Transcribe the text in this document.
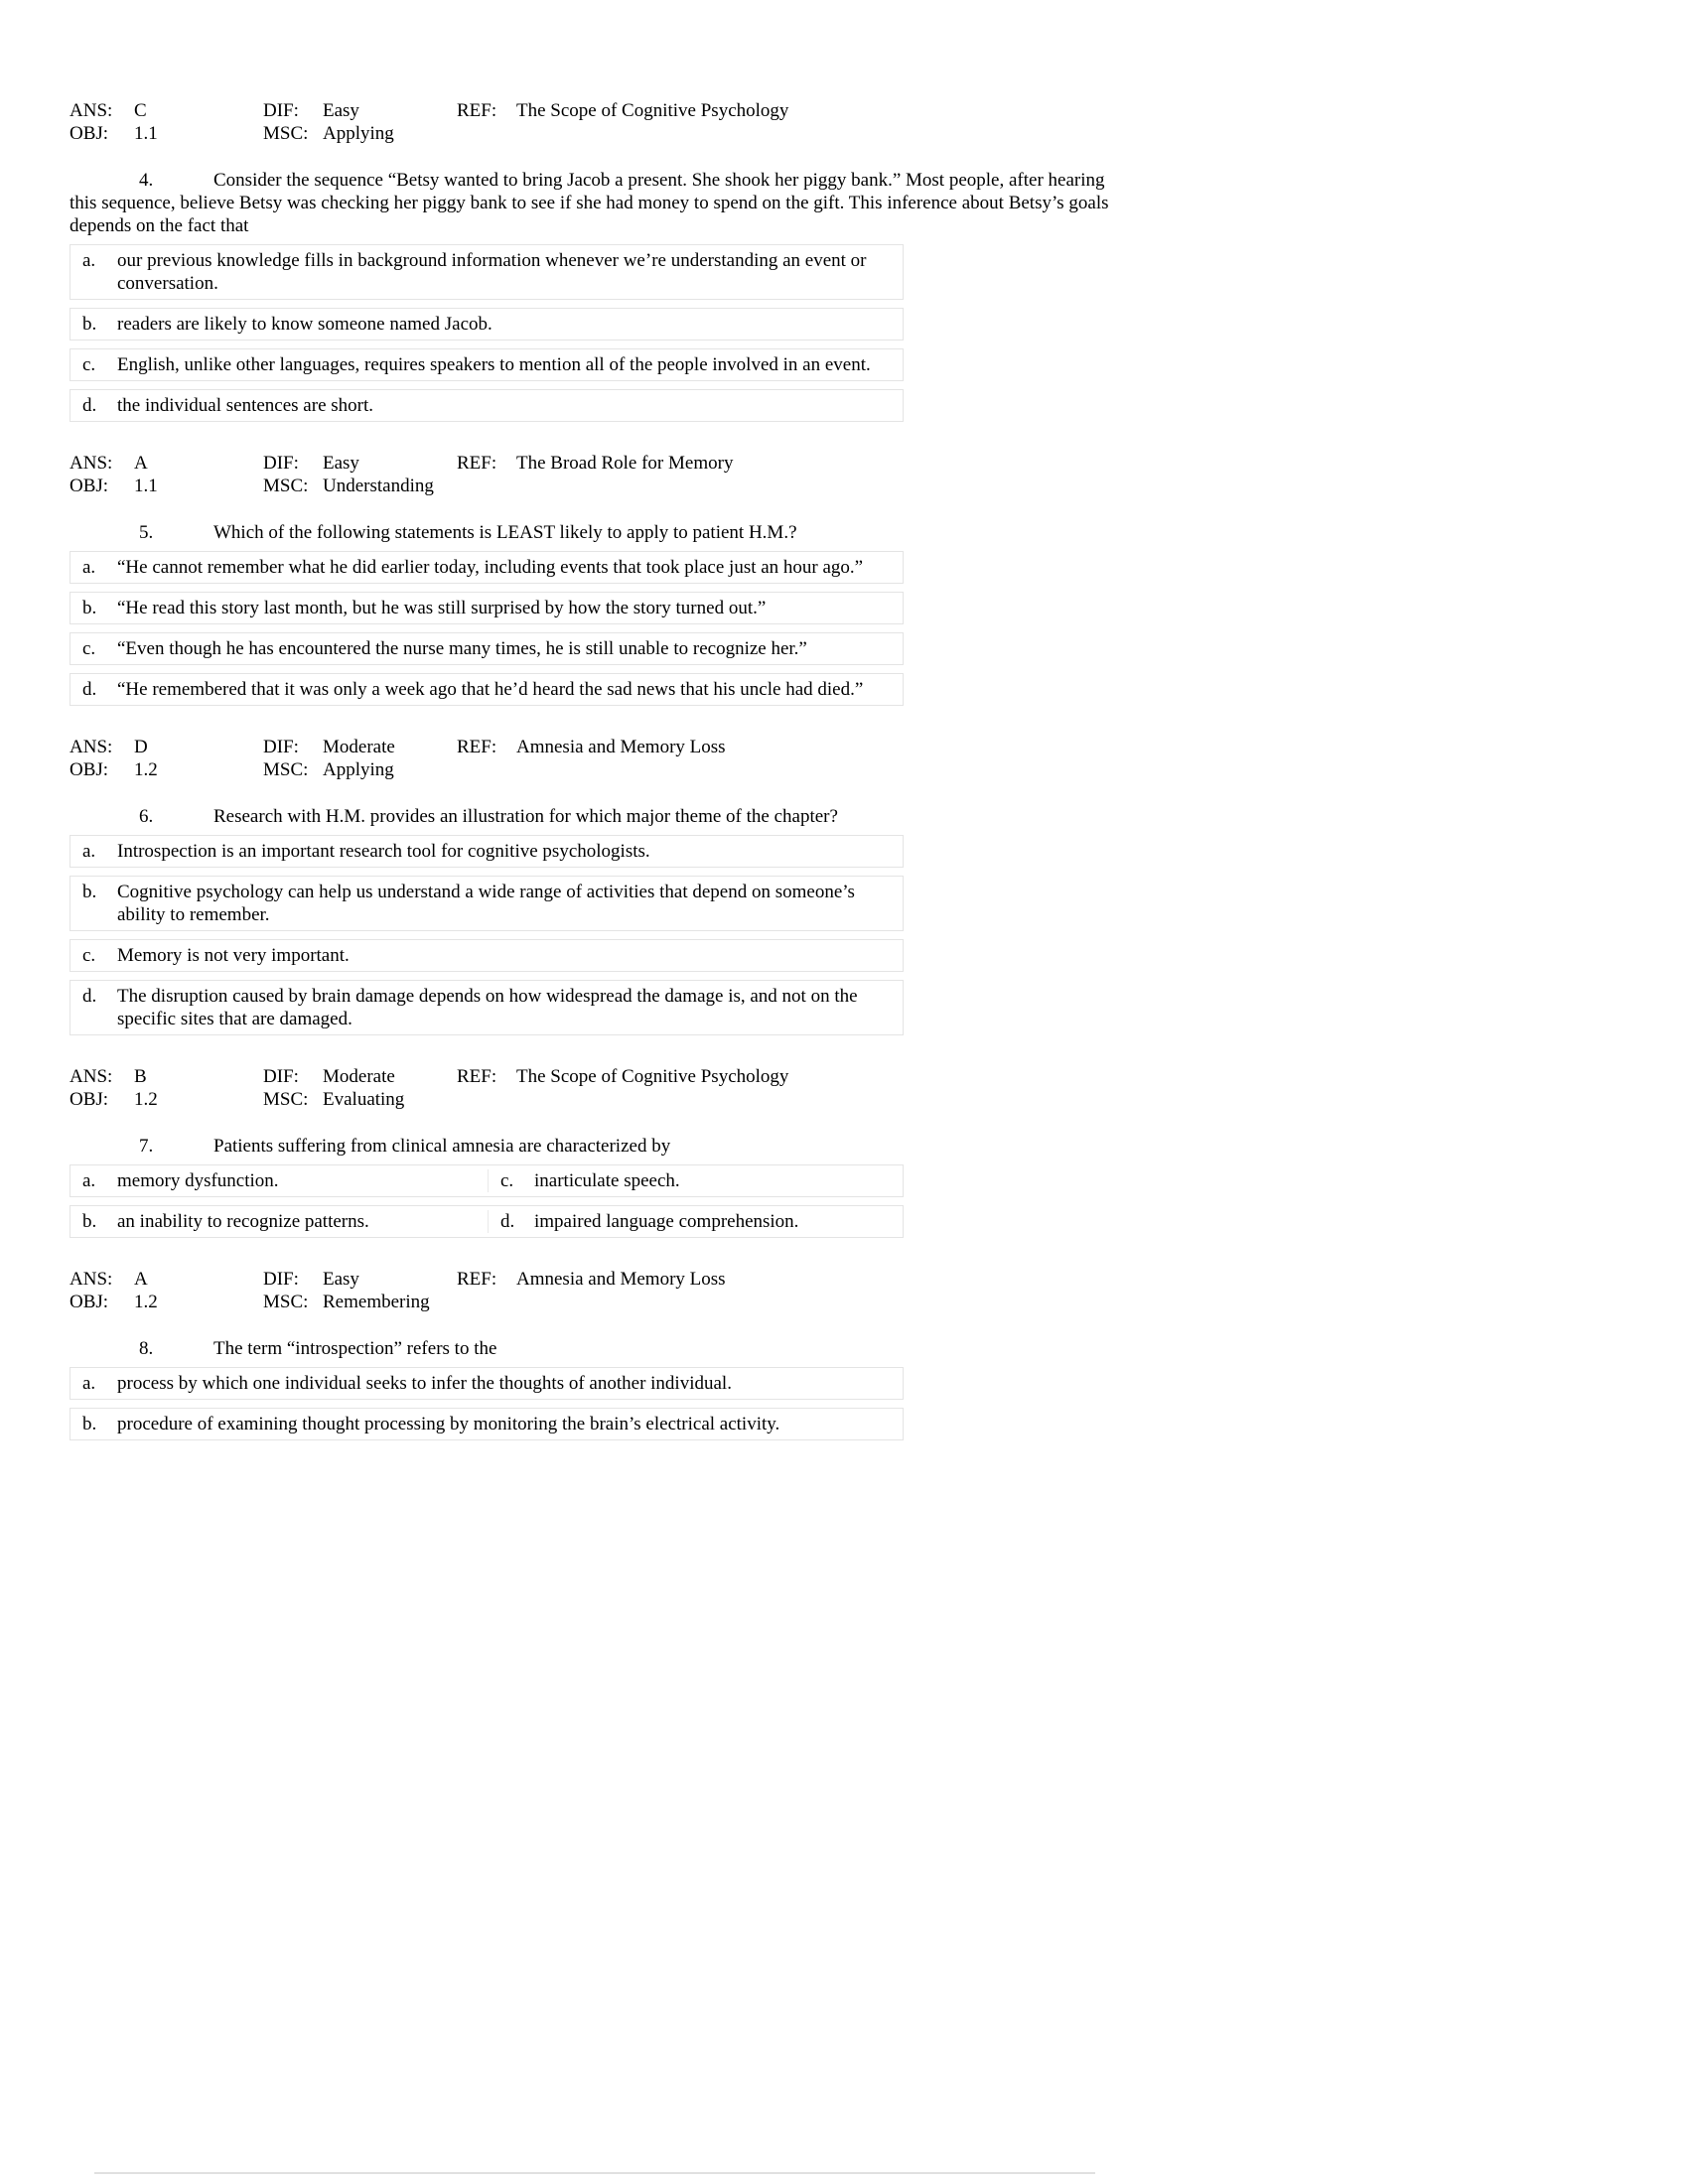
ANS:	C	DIF:	Easy	REF:	The Scope of Cognitive Psychology
OBJ:	1.1	MSC: Applying

4.	Consider the sequence “Betsy wanted to bring Jacob a present. She shook her piggy bank.” Most people, after hearing this sequence, believe Betsy was checking her piggy bank to see if she had money to spend on the gift. This inference about Betsy’s goals depends on the fact that

a.	our previous knowledge fills in background information whenever we’re understanding an event or conversation.
b.	readers are likely to know someone named Jacob.
c.	English, unlike other languages, requires speakers to mention all of the people involved in an event.
d.	the individual sentences are short.
ANS:	A	DIF:	Easy	REF:	The Broad Role for Memory
OBJ:	1.1	MSC: Understanding

5.	Which of the following statements is LEAST likely to apply to patient H.M.?

a.	“He cannot remember what he did earlier today, including events that took place just an hour ago.”
b.	“He read this story last month, but he was still surprised by how the story turned out.”
c.	“Even though he has encountered the nurse many times, he is still unable to recognize her.”
d.	“He remembered that it was only a week ago that he’d heard the sad news that his uncle had died.”
ANS:	D	DIF:	Moderate	REF:	Amnesia and Memory Loss
OBJ:	1.2	MSC: Applying

6.	Research with H.M. provides an illustration for which major theme of the chapter?

a.	Introspection is an important research tool for cognitive psychologists.
b.	Cognitive psychology can help us understand a wide range of activities that depend on someone’s ability to remember.
c.	Memory is not very important.
d.	The disruption caused by brain damage depends on how widespread the damage is, and not on the specific sites that are damaged.
ANS:	B	DIF:	Moderate	REF:	The Scope of Cognitive Psychology
OBJ:	1.2	MSC: Evaluating

7.	Patients suffering from clinical amnesia are characterized by

a.	memory dysfunction.	c.	inarticulate speech.
b.	an inability to recognize patterns.	d.	impaired language comprehension.
ANS:	A	DIF:	Easy	REF:	Amnesia and Memory Loss
OBJ:	1.2	MSC: Remembering

8.	The term “introspection” refers to the

a.	process by which one individual seeks to infer the thoughts of another individual.
b.	procedure of examining thought processing by monitoring the brain’s electrical activity.
